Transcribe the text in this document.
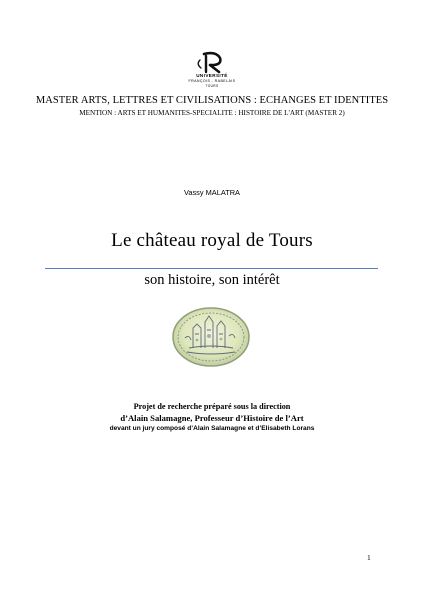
UNIVERSITÉ
FRANÇOIS - RABELAIS
TOURS
MASTER ARTS, LETTRES ET CIVILISATIONS : ECHANGES ET IDENTITES
MENTION : ARTS ET HUMANITES-SPECIALITE : HISTOIRE DE L'ART (MASTER 2)
Vassy MALATRA
Le château royal de Tours
son histoire, son intérêt
Projet de recherche préparé sous la direction
d’Alain Salamagne, Professeur d’Histoire de l’Art
devant un jury composé d’Alain Salamagne et d’Elisabeth Lorans
1
